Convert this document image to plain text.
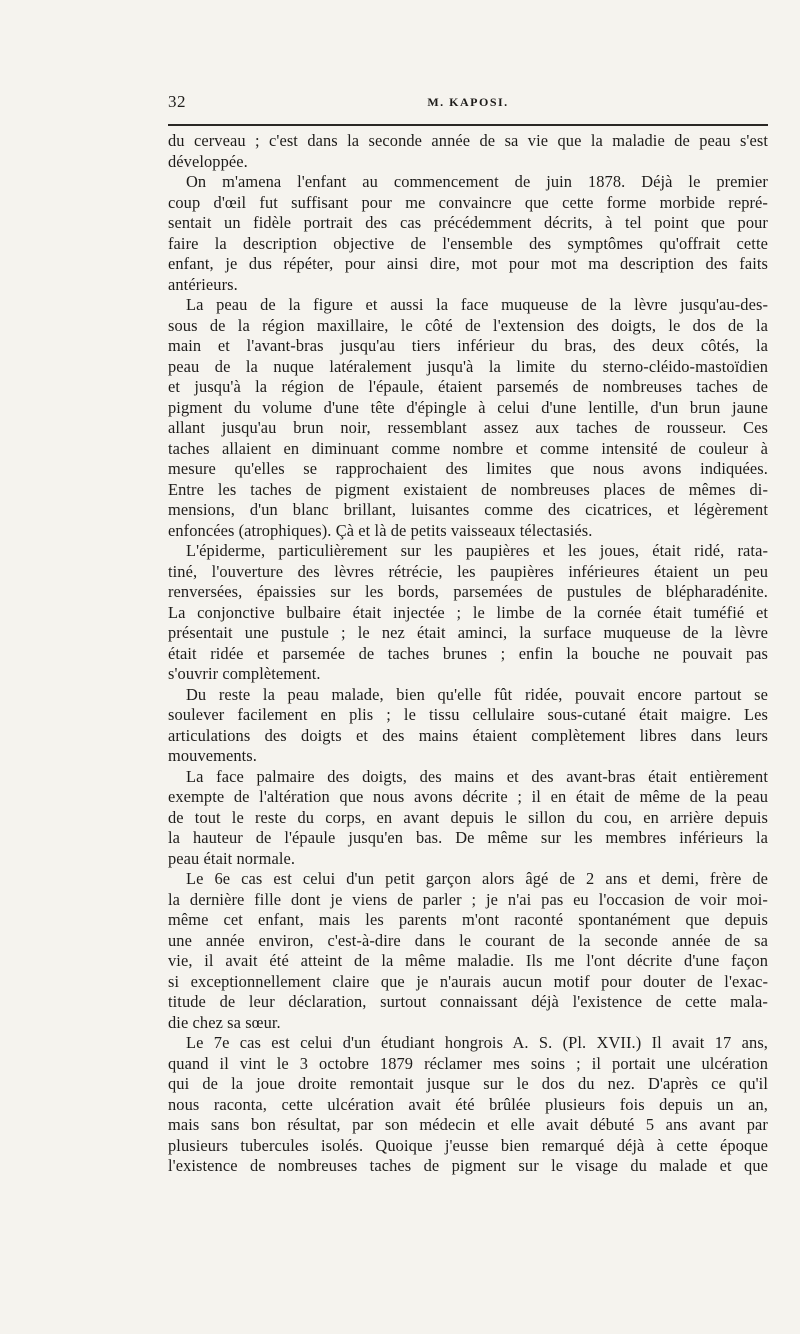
32	M. KAPOSI.
du cerveau ; c'est dans la seconde année de sa vie que la maladie de peau s'est
développée.
On m'amena l'enfant au commencement de juin 1878. Déjà le premier
coup d'œil fut suffisant pour me convaincre que cette forme morbide repré-
sentait un fidèle portrait des cas précédemment décrits, à tel point que pour
faire la description objective de l'ensemble des symptômes qu'offrait cette
enfant, je dus répéter, pour ainsi dire, mot pour mot ma description des faits
antérieurs.
La peau de la figure et aussi la face muqueuse de la lèvre jusqu'au-des-
sous de la région maxillaire, le côté de l'extension des doigts, le dos de la
main et l'avant-bras jusqu'au tiers inférieur du bras, des deux côtés, la
peau de la nuque latéralement jusqu'à la limite du sterno-cléido-mastoïdien
et jusqu'à la région de l'épaule, étaient parsemés de nombreuses taches de
pigment du volume d'une tête d'épingle à celui d'une lentille, d'un brun jaune
allant jusqu'au brun noir, ressemblant assez aux taches de rousseur. Ces
taches allaient en diminuant comme nombre et comme intensité de couleur à
mesure qu'elles se rapprochaient des limites que nous avons indiquées.
Entre les taches de pigment existaient de nombreuses places de mêmes di-
mensions, d'un blanc brillant, luisantes comme des cicatrices, et légèrement
enfoncées (atrophiques). Çà et là de petits vaisseaux télectasiés.
L'épiderme, particulièrement sur les paupières et les joues, était ridé, rata-
tiné, l'ouverture des lèvres rétrécie, les paupières inférieures étaient un peu
renversées, épaissies sur les bords, parsemées de pustules de blépharadénite.
La conjonctive bulbaire était injectée ; le limbe de la cornée était tuméfié et
présentait une pustule ; le nez était aminci, la surface muqueuse de la lèvre
était ridée et parsemée de taches brunes ; enfin la bouche ne pouvait pas
s'ouvrir complètement.
Du reste la peau malade, bien qu'elle fût ridée, pouvait encore partout se
soulever facilement en plis ; le tissu cellulaire sous-cutané était maigre. Les
articulations des doigts et des mains étaient complètement libres dans leurs
mouvements.
La face palmaire des doigts, des mains et des avant-bras était entièrement
exempte de l'altération que nous avons décrite ; il en était de même de la peau
de tout le reste du corps, en avant depuis le sillon du cou, en arrière depuis
la hauteur de l'épaule jusqu'en bas. De même sur les membres inférieurs la
peau était normale.
Le 6e cas est celui d'un petit garçon alors âgé de 2 ans et demi, frère de
la dernière fille dont je viens de parler ; je n'ai pas eu l'occasion de voir moi-
même cet enfant, mais les parents m'ont raconté spontanément que depuis
une année environ, c'est-à-dire dans le courant de la seconde année de sa
vie, il avait été atteint de la même maladie. Ils me l'ont décrite d'une façon
si exceptionnellement claire que je n'aurais aucun motif pour douter de l'exac-
titude de leur déclaration, surtout connaissant déjà l'existence de cette mala-
die chez sa sœur.
Le 7e cas est celui d'un étudiant hongrois A. S. (Pl. XVII.) Il avait 17 ans,
quand il vint le 3 octobre 1879 réclamer mes soins ; il portait une ulcération
qui de la joue droite remontait jusque sur le dos du nez. D'après ce qu'il
nous raconta, cette ulcération avait été brûlée plusieurs fois depuis un an,
mais sans bon résultat, par son médecin et elle avait débuté 5 ans avant par
plusieurs tubercules isolés. Quoique j'eusse bien remarqué déjà à cette époque
l'existence de nombreuses taches de pigment sur le visage du malade et que
